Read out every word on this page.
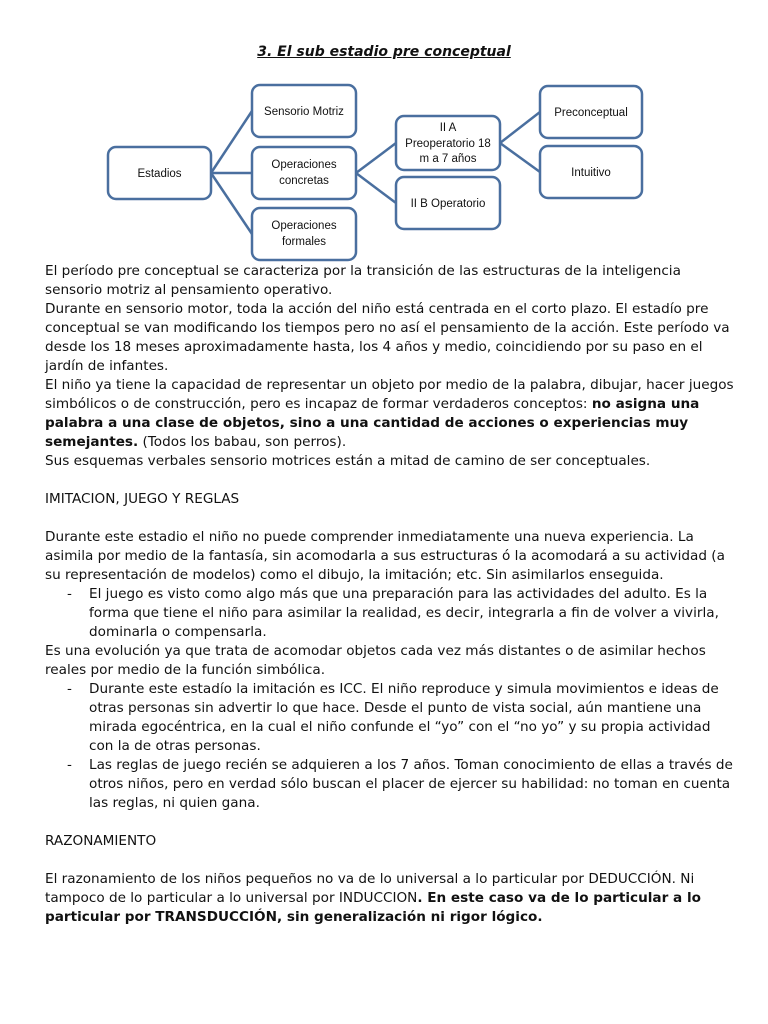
3. El sub estadio pre conceptual
Estadios
Sensorio Motriz
Operaciones
concretas
Operaciones
formales
II A
Preoperatorio 18
m a 7 años
II B Operatorio
Preconceptual
Intuitivo

El período pre conceptual se caracteriza por la transición de las estructuras de la inteligencia sensorio motriz al pensamiento operativo.

Durante en sensorio motor, toda la acción del niño está centrada en el corto plazo. El estadío pre conceptual se van modificando los tiempos pero no así el pensamiento de la acción. Este período va desde los 18 meses aproximadamente hasta, los 4 años y medio, coincidiendo por su paso en el jardín de infantes.

El niño ya tiene la capacidad de representar un objeto por medio de la palabra, dibujar, hacer juegos simbólicos o de construcción, pero es incapaz de formar verdaderos conceptos: no asigna una palabra a una clase de objetos, sino a una cantidad de acciones o experiencias muy semejantes. (Todos los babau, son perros).

Sus esquemas verbales sensorio motrices están a mitad de camino de ser conceptuales.

IMITACION, JUEGO Y REGLAS

Durante este estadio el niño no puede comprender inmediatamente una nueva experiencia. La asimila por medio de la fantasía, sin acomodarla a sus estructuras ó la acomodará a su actividad (a su representación de modelos) como el dibujo, la imitación; etc. Sin asimilarlos enseguida.

- El juego es visto como algo más que una preparación para las actividades del adulto. Es la forma que tiene el niño para asimilar la realidad, es decir, integrarla a fin de volver a vivirla, dominarla o compensarla.

Es una evolución ya que trata de acomodar objetos cada vez más distantes o de asimilar hechos reales por medio de la función simbólica.

- Durante este estadío la imitación es ICC. El niño reproduce y simula movimientos e ideas de otras personas sin advertir lo que hace. Desde el punto de vista social, aún mantiene una mirada egocéntrica, en la cual el niño confunde el “yo” con el “no yo” y su propia actividad con la de otras personas.

- Las reglas de juego recién se adquieren a los 7 años. Toman conocimiento de ellas a través de otros niños, pero en verdad sólo buscan el placer de ejercer su habilidad: no toman en cuenta las reglas, ni quien gana.

RAZONAMIENTO

El razonamiento de los niños pequeños no va de lo universal a lo particular por DEDUCCIÓN. Ni tampoco de lo particular a lo universal por INDUCCION. En este caso va de lo particular a lo particular por TRANSDUCCIÓN, sin generalización ni rigor lógico.
